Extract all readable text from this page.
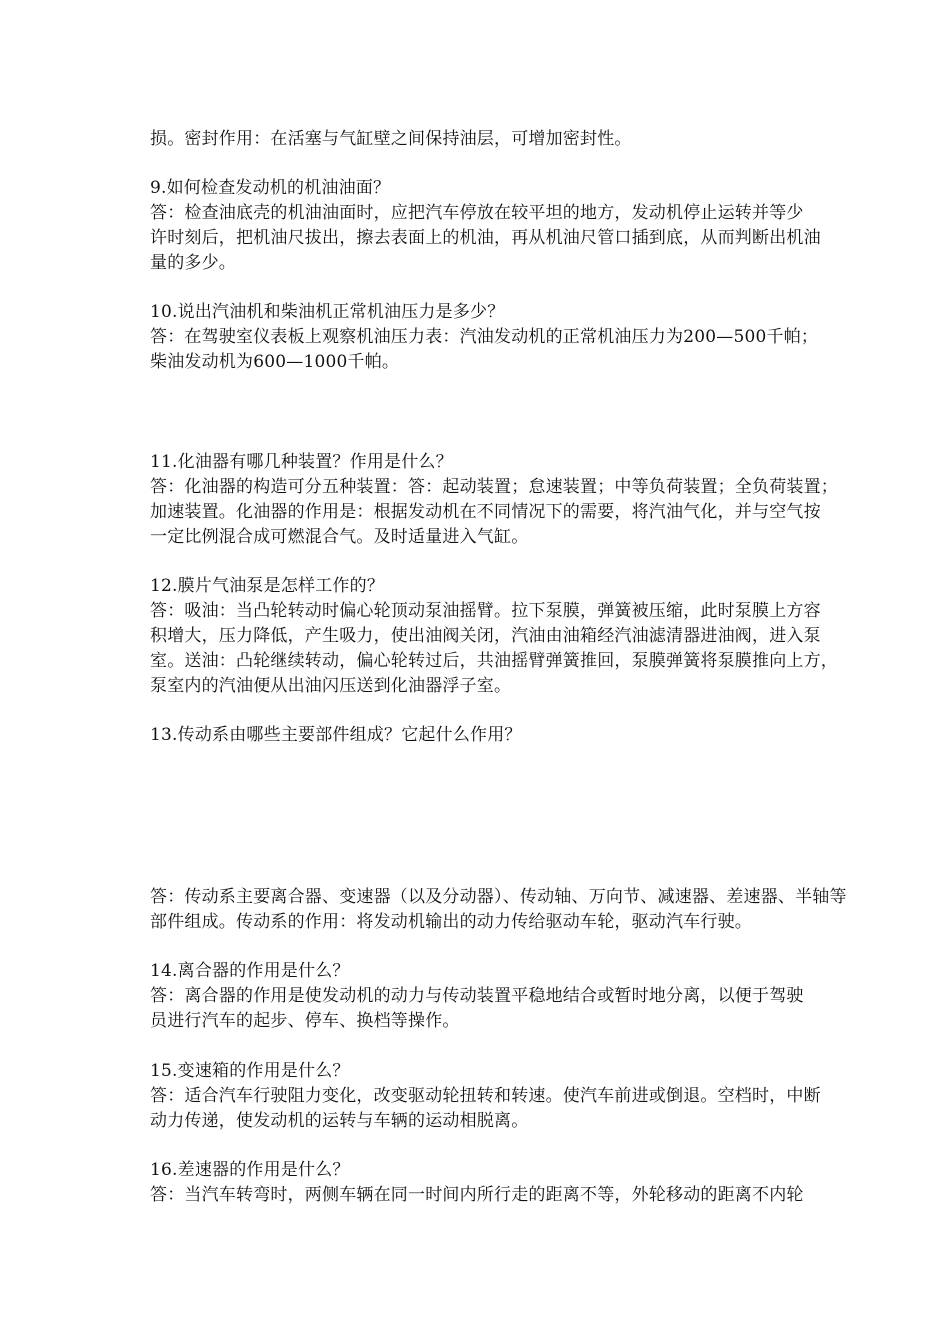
损。密封作用：在活塞与气缸壁之间保持油层，可增加密封性。
9.如何检查发动机的机油油面？
答：检查油底壳的机油油面时，应把汽车停放在较平坦的地方，发动机停止运转并等少
许时刻后，把机油尺拔出，擦去表面上的机油，再从机油尺管口插到底，从而判断出机油
量的多少。
10.说出汽油机和柴油机正常机油压力是多少？
答：在驾驶室仪表板上观察机油压力表：汽油发动机的正常机油压力为200—500千帕；
柴油发动机为600—1000千帕。
11.化油器有哪几种装置？作用是什么？
答：化油器的构造可分五种装置：答：起动装置；怠速装置；中等负荷装置；全负荷装置；
加速装置。化油器的作用是：根据发动机在不同情况下的需要，将汽油气化，并与空气按
一定比例混合成可燃混合气。及时适量进入气缸。
12.膜片气油泵是怎样工作的？
答：吸油：当凸轮转动时偏心轮顶动泵油摇臂。拉下泵膜，弹簧被压缩，此时泵膜上方容
积增大，压力降低，产生吸力，使出油阀关闭，汽油由油箱经汽油滤清器进油阀，进入泵
室。送油：凸轮继续转动，偏心轮转过后，共油摇臂弹簧推回，泵膜弹簧将泵膜推向上方，
泵室内的汽油便从出油闪压送到化油器浮子室。
13.传动系由哪些主要部件组成？它起什么作用？
答：传动系主要离合器、变速器（以及分动器）、传动轴、万向节、减速器、差速器、半轴等
部件组成。传动系的作用：将发动机输出的动力传给驱动车轮，驱动汽车行驶。
14.离合器的作用是什么？
答：离合器的作用是使发动机的动力与传动装置平稳地结合或暂时地分离，以便于驾驶
员进行汽车的起步、停车、换档等操作。
15.变速箱的作用是什么？
答：适合汽车行驶阻力变化，改变驱动轮扭转和转速。使汽车前进或倒退。空档时，中断
动力传递，使发动机的运转与车辆的运动相脱离。
16.差速器的作用是什么？
答：当汽车转弯时，两侧车辆在同一时间内所行走的距离不等，外轮移动的距离不内轮
